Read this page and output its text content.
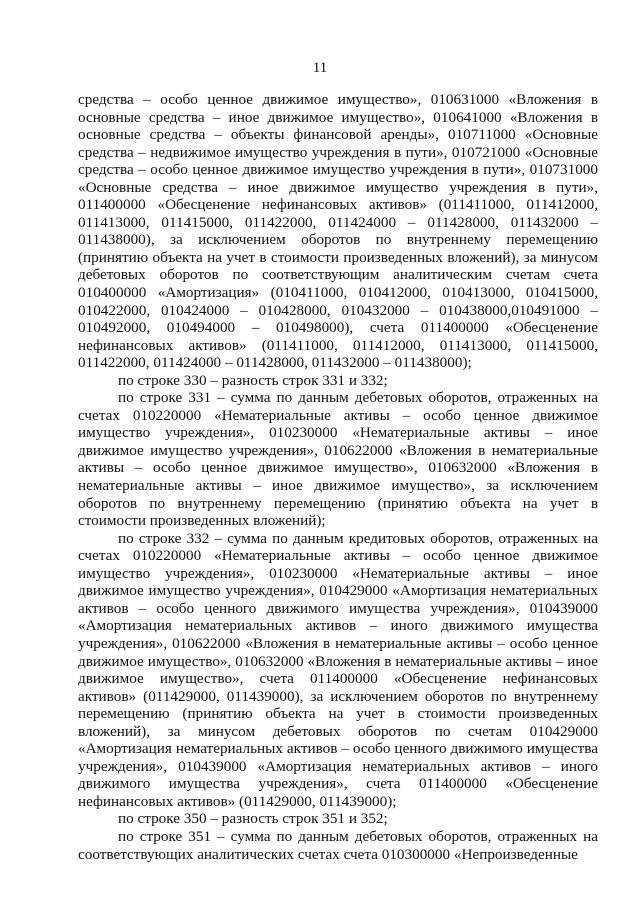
11

средства – особо ценное движимое имущество», 010631000 «Вложения в основные средства – иное движимое имущество», 010641000 «Вложения в основные средства – объекты финансовой аренды», 010711000 «Основные средства – недвижимое имущество учреждения в пути», 010721000 «Основные средства – особо ценное движимое имущество учреждения в пути», 010731000 «Основные средства – иное движимое имущество учреждения в пути», 011400000 «Обесценение нефинансовых активов» (011411000, 011412000, 011413000, 011415000, 011422000, 011424000 – 011428000, 011432000 – 011438000), за исключением оборотов по внутреннему перемещению (принятию объекта на учет в стоимости произведенных вложений), за минусом дебетовых оборотов по соответствующим аналитическим счетам счета 010400000 «Амортизация» (010411000, 010412000, 010413000, 010415000, 010422000, 010424000 – 010428000, 010432000 – 010438000,010491000 – 010492000, 010494000 – 010498000), счета 011400000 «Обесценение нефинансовых активов» (011411000, 011412000, 011413000, 011415000, 011422000, 011424000 – 011428000, 011432000 – 011438000);

по строке 330 – разность строк 331 и 332;

по строке 331 – сумма по данным дебетовых оборотов, отраженных на счетах 010220000 «Нематериальные активы – особо ценное движимое имущество учреждения», 010230000 «Нематериальные активы – иное движимое имущество учреждения», 010622000 «Вложения в нематериальные активы – особо ценное движимое имущество», 010632000 «Вложения в нематериальные активы – иное движимое имущество», за исключением оборотов по внутреннему перемещению (принятию объекта на учет в стоимости произведенных вложений);

по строке 332 – сумма по данным кредитовых оборотов, отраженных на счетах 010220000 «Нематериальные активы – особо ценное движимое имущество учреждения», 010230000 «Нематериальные активы – иное движимое имущество учреждения», 010429000 «Амортизация нематериальных активов – особо ценного движимого имущества учреждения», 010439000 «Амортизация нематериальных активов – иного движимого имущества учреждения», 010622000 «Вложения в нематериальные активы – особо ценное движимое имущество», 010632000 «Вложения в нематериальные активы – иное движимое имущество», счета 011400000 «Обесценение нефинансовых активов» (011429000, 011439000), за исключением оборотов по внутреннему перемещению (принятию объекта на учет в стоимости произведенных вложений), за минусом дебетовых оборотов по счетам 010429000 «Амортизация нематериальных активов – особо ценного движимого имущества учреждения», 010439000 «Амортизация нематериальных активов – иного движимого имущества учреждения», счета 011400000 «Обесценение нефинансовых активов» (011429000, 011439000);

по строке 350 – разность строк 351 и 352;

по строке 351 – сумма по данным дебетовых оборотов, отраженных на соответствующих аналитических счетах счета 010300000 «Непроизведенные
